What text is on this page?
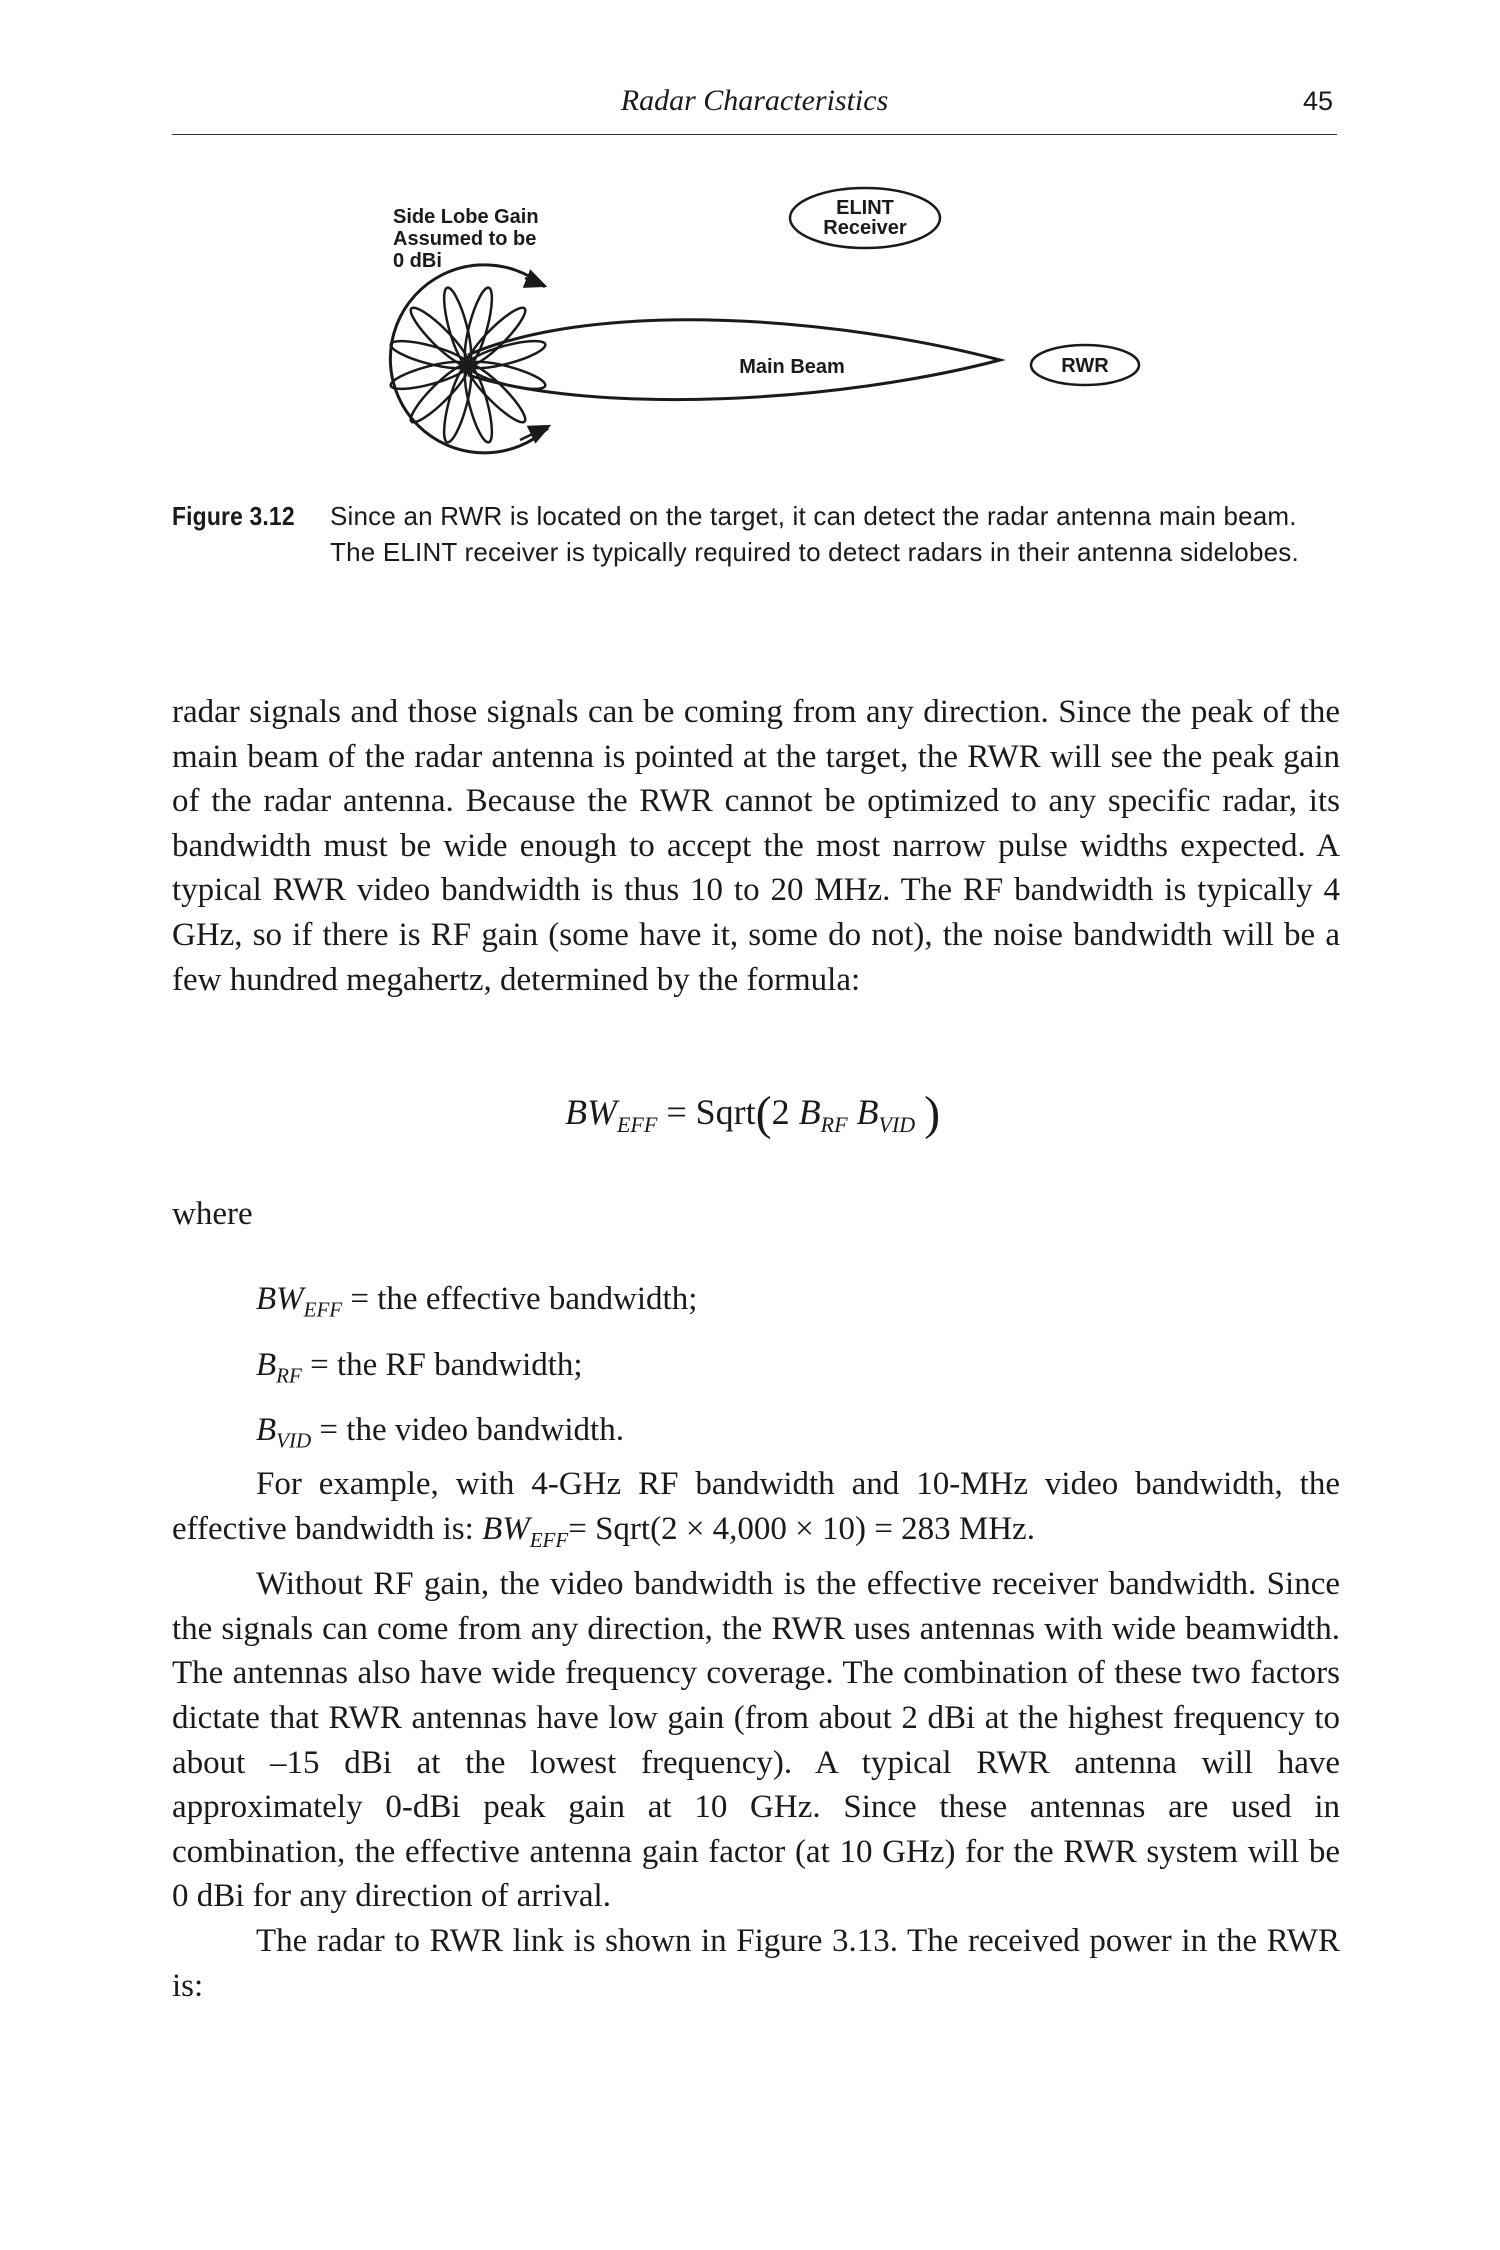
Radar Characteristics	45
Side Lobe Gain
Assumed to be
0 dBi
ELINT
Receiver
RWR
Main Beam
Figure 3.12 Since an RWR is located on the target, it can detect the radar antenna main beam. The ELINT receiver is typically required to detect radars in their antenna sidelobes.
radar signals and those signals can be coming from any direction. Since the peak of the main beam of the radar antenna is pointed at the target, the RWR will see the peak gain of the radar antenna. Because the RWR cannot be optimized to any specific radar, its bandwidth must be wide enough to accept the most narrow pulse widths expected. A typical RWR video bandwidth is thus 10 to 20 MHz. The RF bandwidth is typically 4 GHz, so if there is RF gain (some have it, some do not), the noise bandwidth will be a few hundred megahertz, determined by the formula:
$BW_{EFF}$ = Sqrt(2 $B_{RF}$ $B_{VID}$ )
where
$BW_{EFF}$ = the effective bandwidth;
$B_{RF}$ = the RF bandwidth;
$B_{VID}$ = the video bandwidth.
For example, with 4-GHz RF bandwidth and 10-MHz video bandwidth, the effective bandwidth is: $BW_{EFF}=$ Sqrt(2 × 4,000 × 10) = 283 MHz.
Without RF gain, the video bandwidth is the effective receiver bandwidth. Since the signals can come from any direction, the RWR uses antennas with wide beamwidth. The antennas also have wide frequency coverage. The combination of these two factors dictate that RWR antennas have low gain (from about 2 dBi at the highest frequency to about –15 dBi at the lowest frequency). A typical RWR antenna will have approximately 0-dBi peak gain at 10 GHz. Since these antennas are used in combination, the effective antenna gain factor (at 10 GHz) for the RWR system will be 0 dBi for any direction of arrival.
The radar to RWR link is shown in Figure 3.13. The received power in the RWR is:
